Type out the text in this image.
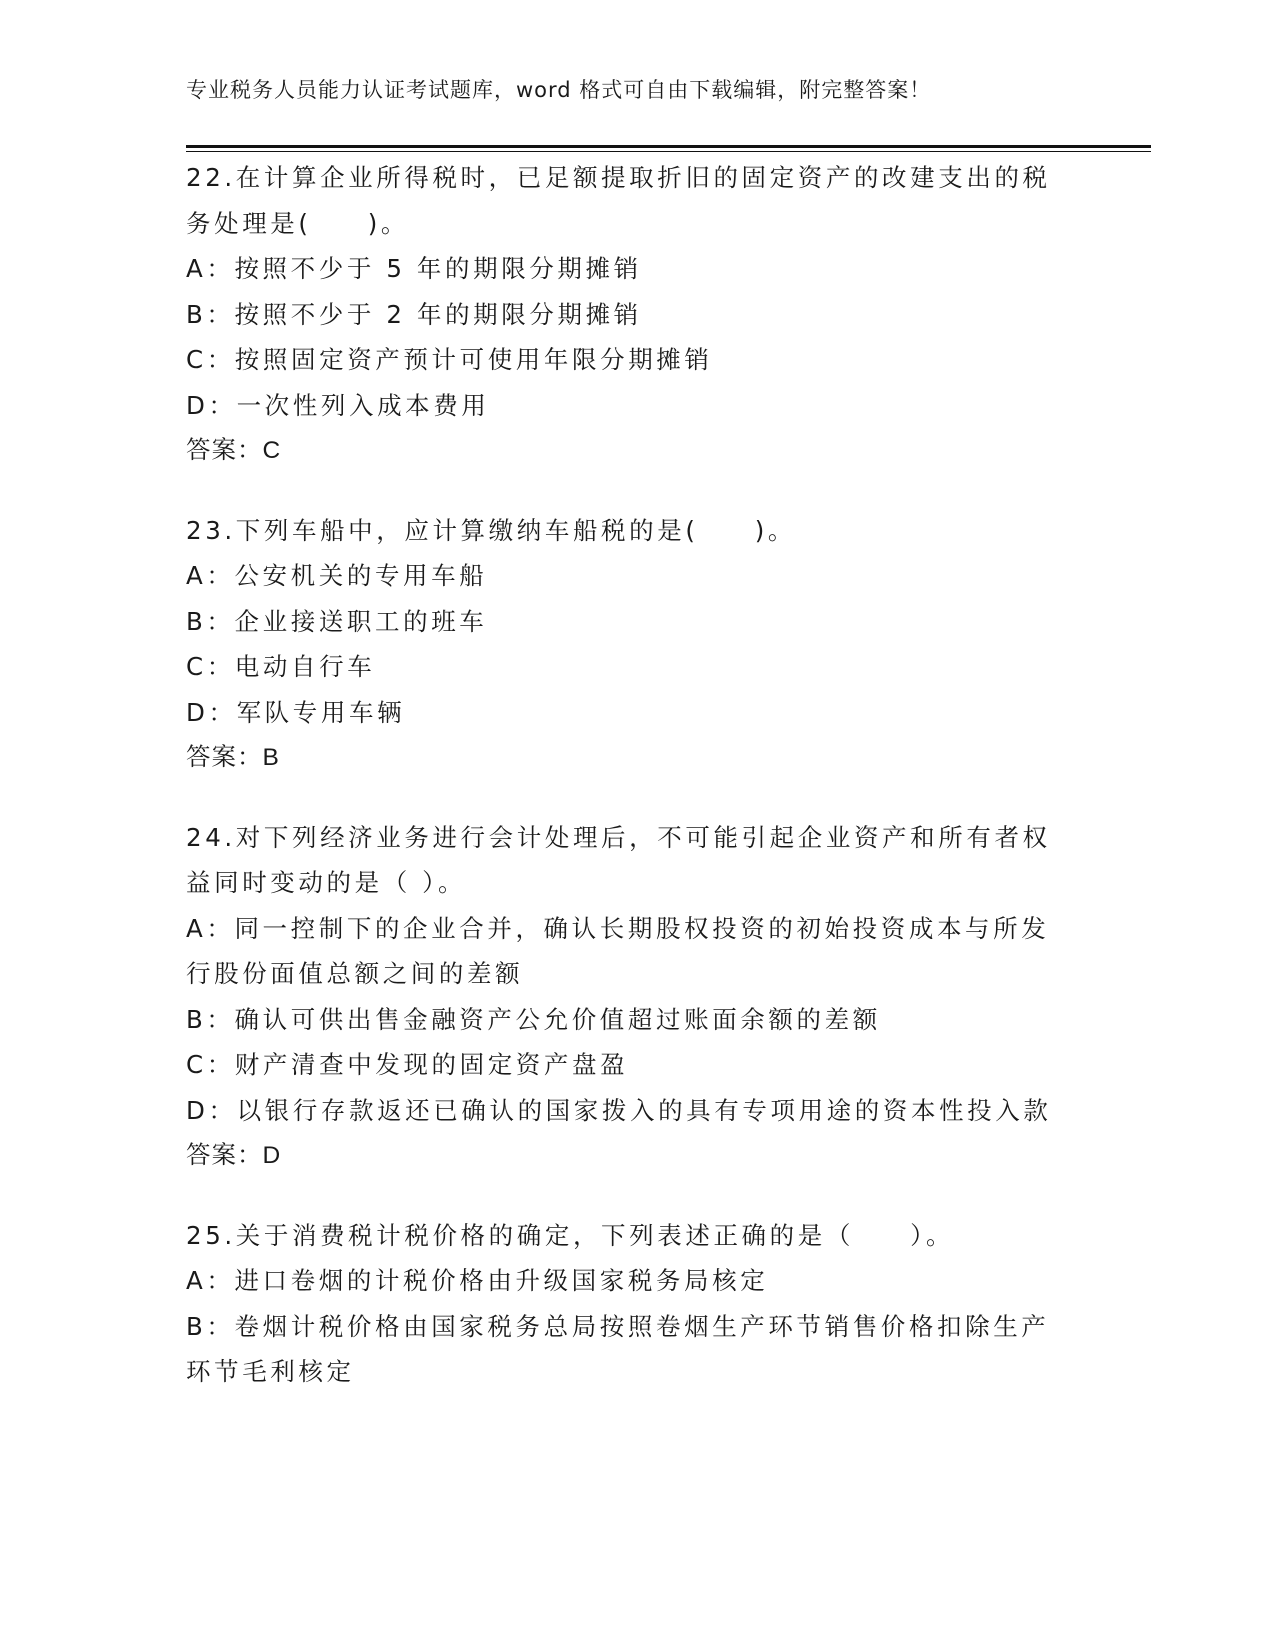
专业税务人员能力认证考试题库，word 格式可自由下载编辑，附完整答案！
22.在计算企业所得税时，已足额提取折旧的固定资产的改建支出的税
务处理是(　　)。
A：按照不少于 5 年的期限分期摊销
B：按照不少于 2 年的期限分期摊销
C：按照固定资产预计可使用年限分期摊销
D：一次性列入成本费用
答案：C
23.下列车船中，应计算缴纳车船税的是(　　)。
A：公安机关的专用车船
B：企业接送职工的班车
C：电动自行车
D：军队专用车辆
答案：B
24.对下列经济业务进行会计处理后，不可能引起企业资产和所有者权
益同时变动的是（ ）。
A：同一控制下的企业合并，确认长期股权投资的初始投资成本与所发
行股份面值总额之间的差额
B：确认可供出售金融资产公允价值超过账面余额的差额
C：财产清查中发现的固定资产盘盈
D：以银行存款返还已确认的国家拨入的具有专项用途的资本性投入款
答案：D
25.关于消费税计税价格的确定，下列表述正确的是（　　）。
A：进口卷烟的计税价格由升级国家税务局核定
B：卷烟计税价格由国家税务总局按照卷烟生产环节销售价格扣除生产
环节毛利核定
